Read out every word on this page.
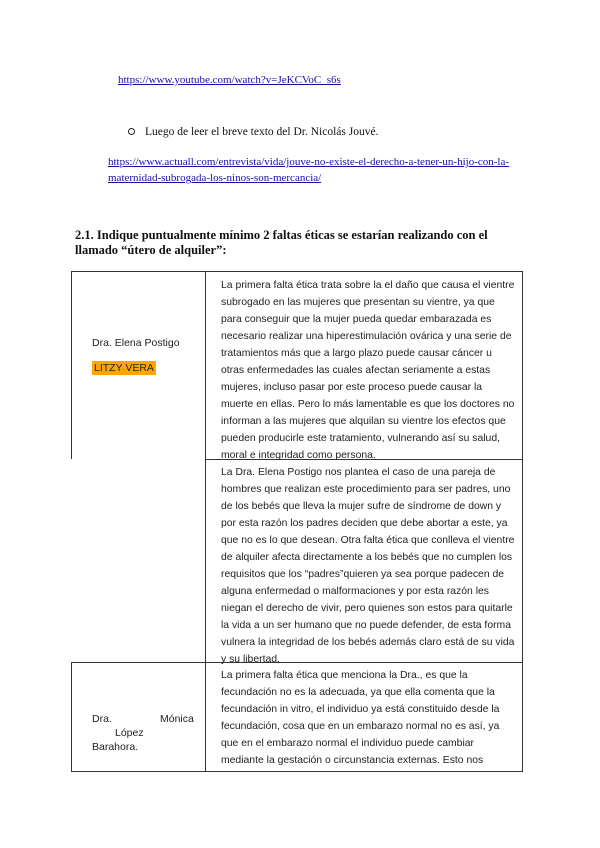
https://www.youtube.com/watch?v=JeKCVoC_s6s
Luego de leer el breve texto del Dr. Nicolás Jouvé.
https://www.actuall.com/entrevista/vida/jouve-no-existe-el-derecho-a-tener-un-hijo-con-la-maternidad-subrogada-los-ninos-son-mercancia/
2.1. Indique puntualmente mínimo 2 faltas éticas se estarían realizando con el llamado “útero de alquiler”:
Dra. Elena Postigo
LITZY VERA
La primera falta ética trata sobre la el daño que causa el vientre subrogado en las mujeres que presentan su vientre, ya que para conseguir que la mujer pueda quedar embarazada es necesario realizar una hiperestimulación ovárica y una serie de tratamientos más que a largo plazo puede causar cáncer u otras enfermedades las cuales afectan seriamente a estas mujeres, incluso pasar por este proceso puede causar la muerte en ellas. Pero lo más lamentable es que los doctores no informan a las mujeres que alquilan su vientre los efectos que pueden producirle este tratamiento, vulnerando así su salud, moral e integridad como persona.
La Dra. Elena Postigo nos plantea el caso de una pareja de hombres que realizan este procedimiento para ser padres, uno de los bebés que lleva la mujer sufre de síndrome de down y por esta razón los padres deciden que debe abortar a este, ya que no es lo que desean. Otra falta ética que conlleva el vientre de alquiler afecta directamente a los bebés que no cumplen los requisitos que los “padres”quieren ya sea porque padecen de alguna enfermedad o malformaciones y por esta razón les niegan el derecho de vivir, pero quienes son estos para quitarle la vida a un ser humano que no puede defender, de esta forma vulnera la integridad de los bebés además claro está de su vida y su libertad.
Dra.	Mónica
López
Barahora.
La primera falta ética que menciona la Dra., es que la fecundación no es la adecuada, ya que ella comenta que la fecundación in vitro, el individuo ya está constituido desde la fecundación, cosa que en un embarazo normal no es así, ya que en el embarazo normal el individuo puede cambiar mediante la gestación o circunstancia externas. Esto nos
